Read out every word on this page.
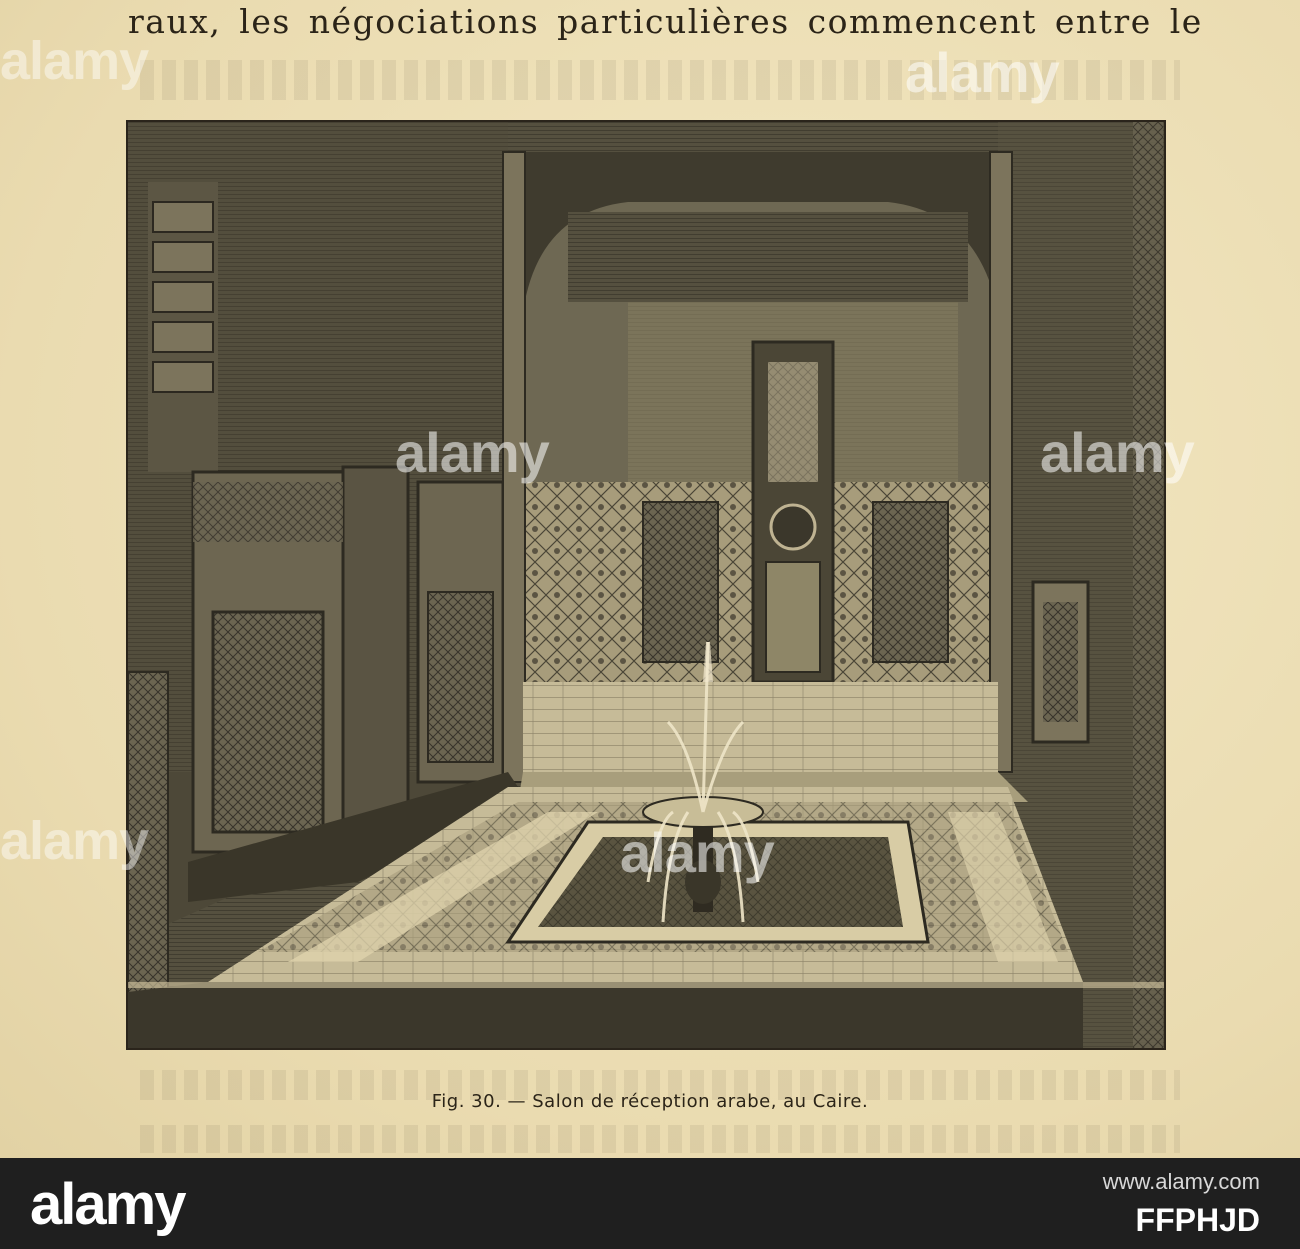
raux, les négociations particulières commencent entre le
Fig. 30. — Salon de réception arabe, au Caire.
alamy
alamy
alamy
alamy	alamy
alamy
alamy	www.alamy.com
FFPHJD
